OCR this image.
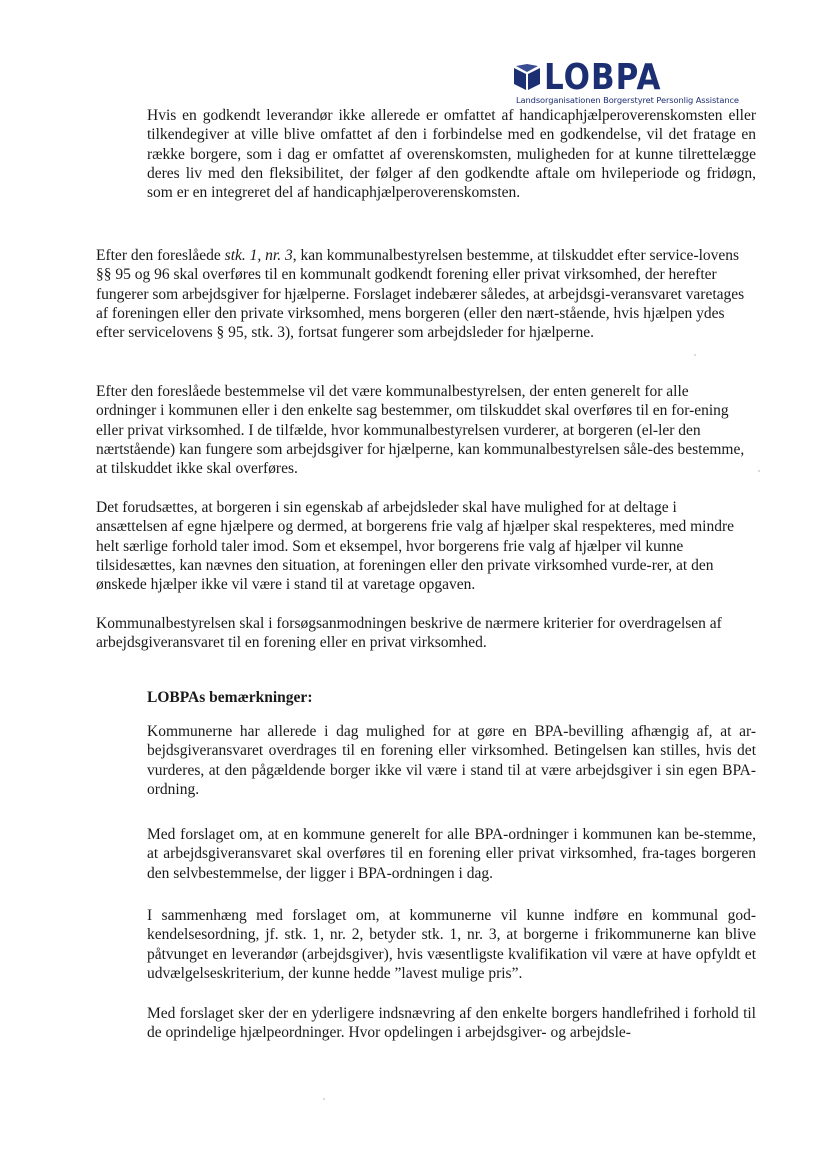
LOBPA
Landsorganisationen Borgerstyret Personlig Assistance

Hvis en godkendt leverandør ikke allerede er omfattet af handicaphjælperoverenskomsten eller tilkendegiver at ville blive omfattet af den i forbindelse med en godkendelse, vil det fratage en række borgere, som i dag er omfattet af overenskomsten, muligheden for at kunne tilrettelægge deres liv med den fleksibilitet, der følger af den godkendte aftale om hvileperiode og fridøgn, som er en integreret del af handicaphjælperoverenskomsten.

Efter den foreslåede stk. 1, nr. 3, kan kommunalbestyrelsen bestemme, at tilskuddet efter service-lovens §§ 95 og 96 skal overføres til en kommunalt godkendt forening eller privat virksomhed, der herefter fungerer som arbejdsgiver for hjælperne. Forslaget indebærer således, at arbejdsgi-veransvaret varetages af foreningen eller den private virksomhed, mens borgeren (eller den nært-stående, hvis hjælpen ydes efter servicelovens § 95, stk. 3), fortsat fungerer som arbejdsleder for hjælperne.

Efter den foreslåede bestemmelse vil det være kommunalbestyrelsen, der enten generelt for alle ordninger i kommunen eller i den enkelte sag bestemmer, om tilskuddet skal overføres til en for-ening eller privat virksomhed. I de tilfælde, hvor kommunalbestyrelsen vurderer, at borgeren (el-ler den nærtstående) kan fungere som arbejdsgiver for hjælperne, kan kommunalbestyrelsen såle-des bestemme, at tilskuddet ikke skal overføres.

Det forudsættes, at borgeren i sin egenskab af arbejdsleder skal have mulighed for at deltage i ansættelsen af egne hjælpere og dermed, at borgerens frie valg af hjælper skal respekteres, med mindre helt særlige forhold taler imod. Som et eksempel, hvor borgerens frie valg af hjælper vil kunne tilsidesættes, kan nævnes den situation, at foreningen eller den private virksomhed vurde-rer, at den ønskede hjælper ikke vil være i stand til at varetage opgaven.

Kommunalbestyrelsen skal i forsøgsanmodningen beskrive de nærmere kriterier for overdragelsen af arbejdsgiveransvaret til en forening eller en privat virksomhed.

LOBPAs bemærkninger:

Kommunerne har allerede i dag mulighed for at gøre en BPA-bevilling afhængig af, at ar-bejdsgiveransvaret overdrages til en forening eller virksomhed. Betingelsen kan stilles, hvis det vurderes, at den pågældende borger ikke vil være i stand til at være arbejdsgiver i sin egen BPA-ordning.

Med forslaget om, at en kommune generelt for alle BPA-ordninger i kommunen kan be-stemme, at arbejdsgiveransvaret skal overføres til en forening eller privat virksomhed, fra-tages borgeren den selvbestemmelse, der ligger i BPA-ordningen i dag.

I sammenhæng med forslaget om, at kommunerne vil kunne indføre en kommunal god-kendelsesordning, jf. stk. 1, nr. 2, betyder stk. 1, nr. 3, at borgerne i frikommunerne kan blive påtvunget en leverandør (arbejdsgiver), hvis væsentligste kvalifikation vil være at have opfyldt et udvælgelseskriterium, der kunne hedde ”lavest mulige pris”.

Med forslaget sker der en yderligere indsnævring af den enkelte borgers handlefrihed i forhold til de oprindelige hjælpeordninger. Hvor opdelingen i arbejdsgiver- og arbejdsle-
